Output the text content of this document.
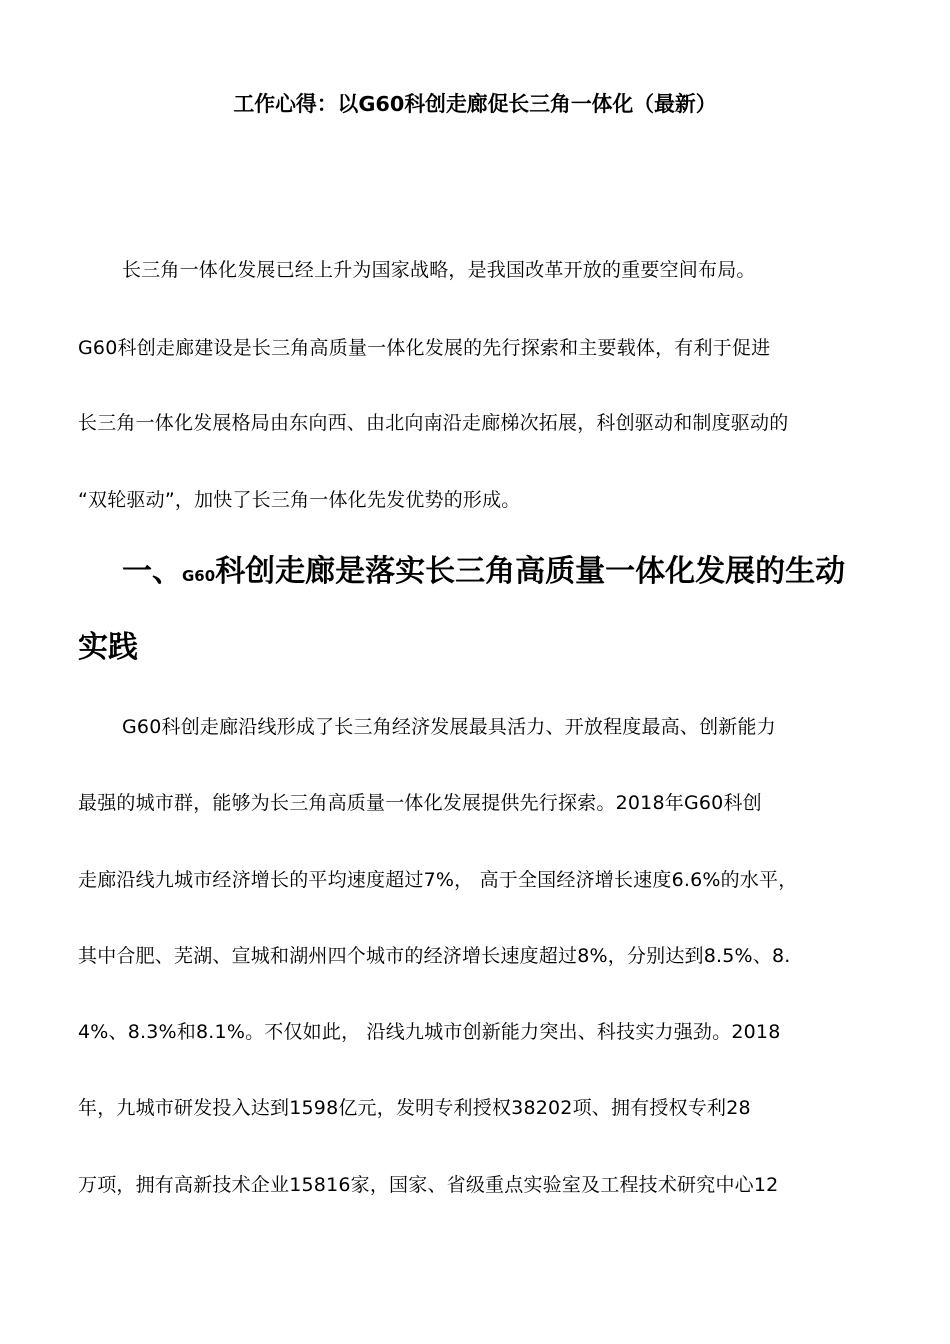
工作心得：以G60科创走廊促长三角一体化（最新）
长三角一体化发展已经上升为国家战略，是我国改革开放的重要空间布局。
G60科创走廊建设是长三角高质量一体化发展的先行探索和主要载体，有利于促进
长三角一体化发展格局由东向西、由北向南沿走廊梯次拓展，科创驱动和制度驱动的
“双轮驱动”，加快了长三角一体化先发优势的形成。
一、G60科创走廊是落实长三角高质量一体化发展的生动
实践
G60科创走廊沿线形成了长三角经济发展最具活力、开放程度最高、创新能力
最强的城市群，能够为长三角高质量一体化发展提供先行探索。2018年G60科创
走廊沿线九城市经济增长的平均速度超过7%， 高于全国经济增长速度6.6%的水平，
其中合肥、芜湖、宣城和湖州四个城市的经济增长速度超过8%，分别达到8.5%、8.
4%、8.3%和8.1%。不仅如此， 沿线九城市创新能力突出、科技实力强劲。2018
年，九城市研发投入达到1598亿元，发明专利授权38202项、拥有授权专利28
万项，拥有高新技术企业15816家，国家、省级重点实验室及工程技术研究中心12
